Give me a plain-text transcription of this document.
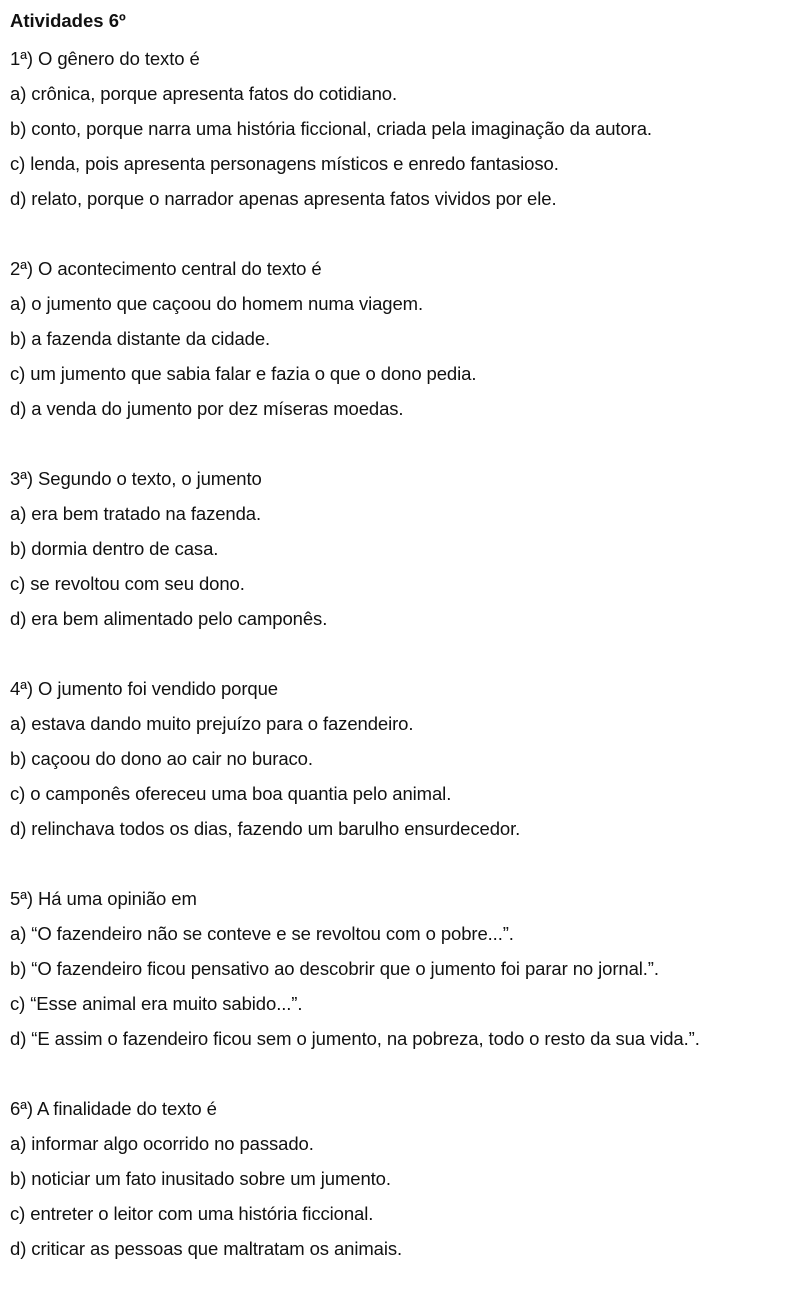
Atividades 6º
1ª) O gênero do texto é
a) crônica, porque apresenta fatos do cotidiano.
b) conto, porque narra uma história ficcional, criada pela imaginação da autora.
c) lenda, pois apresenta personagens místicos e enredo fantasioso.
d) relato, porque o narrador apenas apresenta fatos vividos por ele.
2ª) O acontecimento central do texto é
a) o jumento que caçoou do homem numa viagem.
b) a fazenda distante da cidade.
c) um jumento que sabia falar e fazia o que o dono pedia.
d) a venda do jumento por dez míseras moedas.
3ª) Segundo o texto, o jumento
a) era bem tratado na fazenda.
b) dormia dentro de casa.
c) se revoltou com seu dono.
d) era bem alimentado pelo camponês.
4ª) O jumento foi vendido porque
a) estava dando muito prejuízo para o fazendeiro.
b) caçoou do dono ao cair no buraco.
c) o camponês ofereceu uma boa quantia pelo animal.
d) relinchava todos os dias, fazendo um barulho ensurdecedor.
5ª) Há uma opinião em
a) “O fazendeiro não se conteve e se revoltou com o pobre...”.
b) “O fazendeiro ficou pensativo ao descobrir que o jumento foi parar no jornal.”.
c) “Esse animal era muito sabido...”.
d) “E assim o fazendeiro ficou sem o jumento, na pobreza, todo o resto da sua vida.”.
6ª) A finalidade do texto é
a) informar algo ocorrido no passado.
b) noticiar um fato inusitado sobre um jumento.
c) entreter o leitor com uma história ficcional.
d) criticar as pessoas que maltratam os animais.
